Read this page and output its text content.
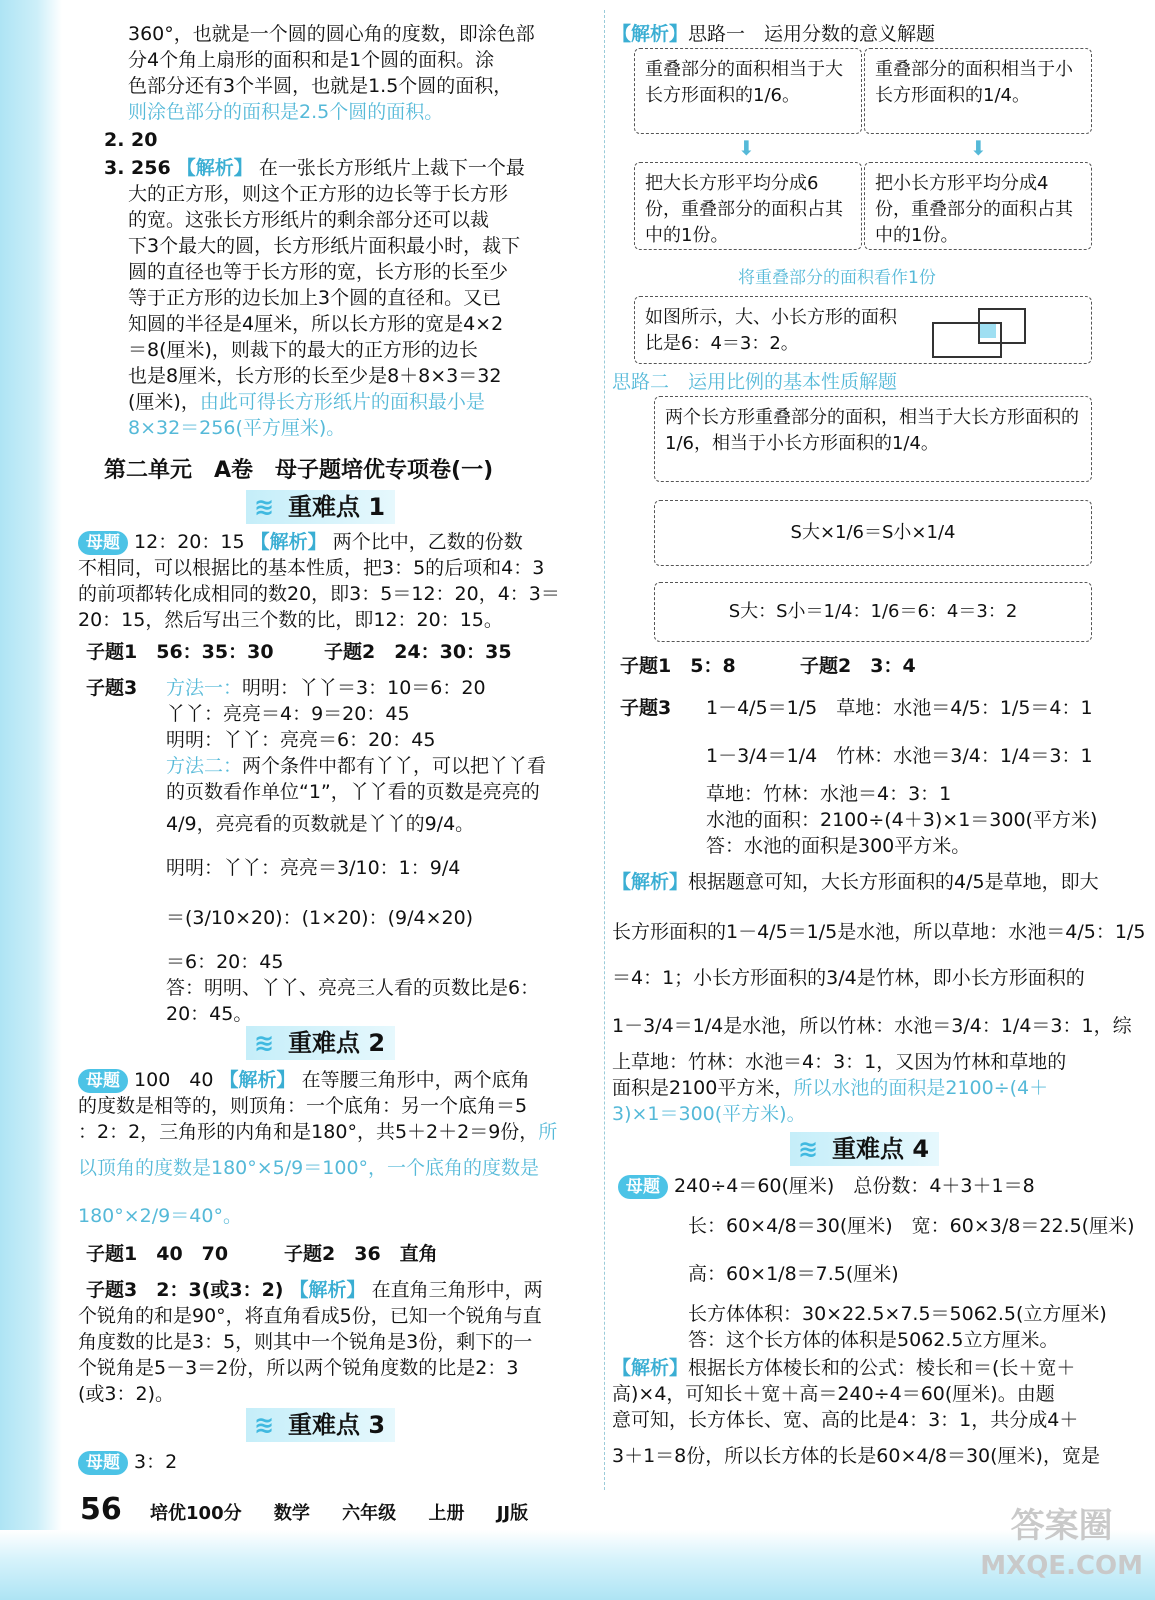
360°，也就是一个圆的圆心角的度数，即涂色部
分4个角上扇形的面积和是1个圆的面积。涂
色部分还有3个半圆，也就是1.5个圆的面积，
则涂色部分的面积是2.5个圆的面积。
2. 20
3. 256 【解析】 在一张长方形纸片上裁下一个最
大的正方形，则这个正方形的边长等于长方形
的宽。这张长方形纸片的剩余部分还可以裁
下3个最大的圆，长方形纸片面积最小时，裁下
圆的直径也等于长方形的宽，长方形的长至少
等于正方形的边长加上3个圆的直径和。又已
知圆的半径是4厘米，所以长方形的宽是4×2
＝8(厘米)，则裁下的最大的正方形的边长
也是8厘米，长方形的长至少是8＋8×3＝32
(厘米)，由此可得长方形纸片的面积最小是
8×32＝256(平方厘米)。
第二单元　A卷　母子题培优专项卷(一)
≋ 重难点 1
母题 12：20：15 【解析】 两个比中，乙数的份数
不相同，可以根据比的基本性质，把3：5的后项和4：3
的前项都转化成相同的数20，即3：5＝12：20，4：3＝
20：15，然后写出三个数的比，即12：20：15。
子题1　56：35：30	子题2　24：30：35
子题3 方法一：明明：丫丫＝3：10＝6：20
丫丫：亮亮＝4：9＝20：45
明明：丫丫：亮亮＝6：20：45
方法二：两个条件中都有丫丫，可以把丫丫看
的页数看作单位“1”，丫丫看的页数是亮亮的
4/9，亮亮看的页数就是丫丫的9/4。
明明：丫丫：亮亮＝3/10：1：9/4
＝(3/10×20)：(1×20)：(9/4×20)
＝6：20：45
答：明明、丫丫、亮亮三人看的页数比是6：
20：45。
≋ 重难点 2
母题 100　40 【解析】 在等腰三角形中，两个底角
的度数是相等的，则顶角：一个底角：另一个底角＝5
：2：2，三角形的内角和是180°，共5＋2＋2＝9份，所
以顶角的度数是180°×5/9＝100°，一个底角的度数是
180°×2/9＝40°。
子题1　40　70	子题2　36　直角
子题3　2：3(或3：2) 【解析】 在直角三角形中，两
个锐角的和是90°，将直角看成5份，已知一个锐角与直
角度数的比是3：5，则其中一个锐角是3份，剩下的一
个锐角是5－3＝2份，所以两个锐角度数的比是2：3
(或3：2)。
≋ 重难点 3
母题 3：2
【解析】思路一　运用分数的意义解题
重叠部分的面积相当于大长方形面积的1/6。
重叠部分的面积相当于小长方形面积的1/4。
⬇	⬇
把大长方形平均分成6份，重叠部分的面积占其中的1份。
把小长方形平均分成4份，重叠部分的面积占其中的1份。
将重叠部分的面积看作1份
如图所示，大、小长方形的面积比是6：4＝3：2。
思路二　运用比例的基本性质解题
两个长方形重叠部分的面积，相当于大长方形面积的1/6，相当于小长方形面积的1/4。
S大×1/6＝S小×1/4
S大：S小＝1/4：1/6＝6：4＝3：2
子题1　5：8	子题2　3：4
子题3 1－4/5＝1/5　草地：水池＝4/5：1/5＝4：1
1－3/4＝1/4　竹林：水池＝3/4：1/4＝3：1
草地：竹林：水池＝4：3：1
水池的面积：2100÷(4＋3)×1＝300(平方米)
答：水池的面积是300平方米。
【解析】根据题意可知，大长方形面积的4/5是草地，即大
长方形面积的1－4/5＝1/5是水池，所以草地：水池＝4/5：1/5
＝4：1；小长方形面积的3/4是竹林，即小长方形面积的
1－3/4＝1/4是水池，所以竹林：水池＝3/4：1/4＝3：1，综
上草地：竹林：水池＝4：3：1，又因为竹林和草地的
面积是2100平方米，所以水池的面积是2100÷(4＋
3)×1＝300(平方米)。
≋ 重难点 4
母题 240÷4＝60(厘米)　总份数：4＋3＋1＝8
长：60×4/8＝30(厘米)　宽：60×3/8＝22.5(厘米)
高：60×1/8＝7.5(厘米)
长方体体积：30×22.5×7.5＝5062.5(立方厘米)
答：这个长方体的体积是5062.5立方厘米。
【解析】根据长方体棱长和的公式：棱长和＝(长＋宽＋
高)×4，可知长＋宽＋高＝240÷4＝60(厘米)。由题
意可知，长方体长、宽、高的比是4：3：1，共分成4＋
3＋1＝8份，所以长方体的长是60×4/8＝30(厘米)，宽是
56 培优100分 数学 六年级 上册 JJ版	答案圈
MXQE.COM
